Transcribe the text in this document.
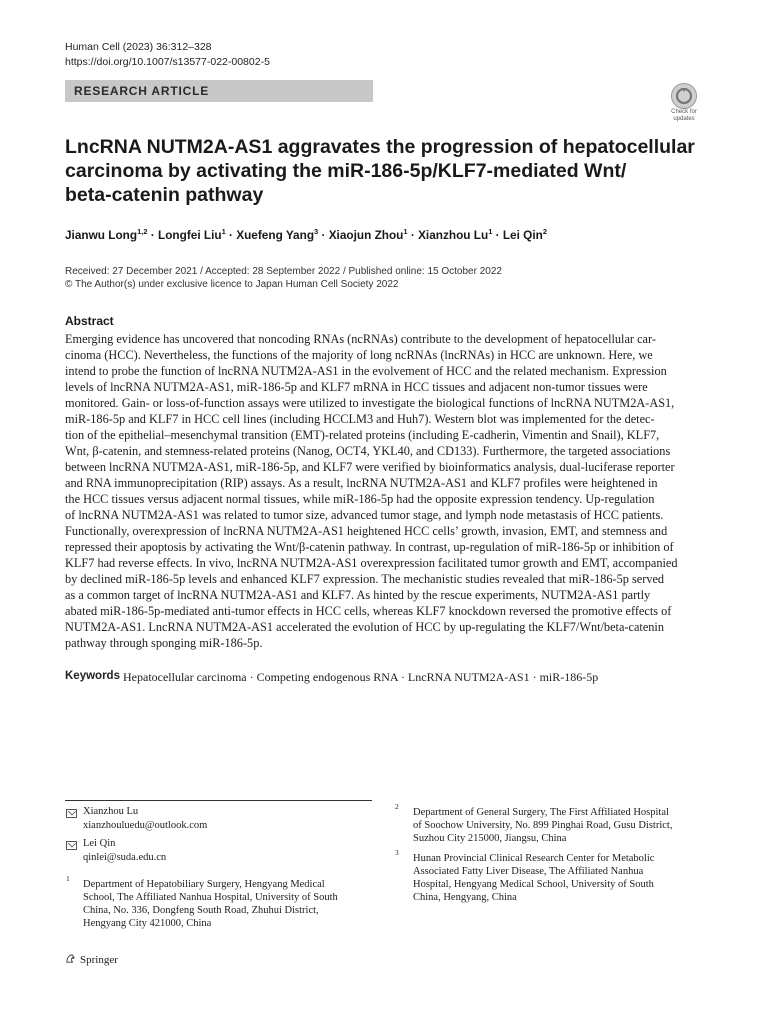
Human Cell (2023) 36:312–328
https://doi.org/10.1007/s13577-022-00802-5
RESEARCH ARTICLE
Check for updates
LncRNA NUTM2A-AS1 aggravates the progression of hepatocellular
carcinoma by activating the miR-186-5p/KLF7-mediated Wnt/
beta-catenin pathway
Jianwu Long$^{1,2}$ · Longfei Liu$^1$ · Xuefeng Yang$^3$ · Xiaojun Zhou$^1$ · Xianzhou $Lu^1$ · Lei Qin$^2$
Received: 27 December 2021 / Accepted: 28 September 2022 / Published online: 15 October 2022
© The Author(s) under exclusive licence to Japan Human Cell Society 2022
Abstract
Emerging evidence has uncovered that noncoding RNAs (ncRNAs) contribute to the development of hepatocellular car-
cinoma (HCC). Nevertheless, the functions of the majority of long ncRNAs (lncRNAs) in HCC are unknown. Here, we
intend to probe the function of lncRNA NUTM2A-AS1 in the evolvement of HCC and the related mechanism. Expression
levels of lncRNA NUTM2A-AS1, miR-186-5p and KLF7 mRNA in HCC tissues and adjacent non-tumor tissues were
monitored. Gain- or loss-of-function assays were utilized to investigate the biological functions of lncRNA NUTM2A-AS1,
miR-186-5p and KLF7 in HCC cell lines (including HCCLM3 and Huh7). Western blot was implemented for the detec-
tion of the epithelial–mesenchymal transition (EMT)-related proteins (including E-cadherin, Vimentin and Snail), KLF7,
Wnt, β-catenin, and stemness-related proteins (Nanog, OCT4, YKL40, and CD133). Furthermore, the targeted associations
between lncRNA NUTM2A-AS1, miR-186-5p, and KLF7 were verified by bioinformatics analysis, dual-luciferase reporter
and RNA immunoprecipitation (RIP) assays. As a result, lncRNA NUTM2A-AS1 and KLF7 profiles were heightened in
the HCC tissues versus adjacent normal tissues, while miR-186-5p had the opposite expression tendency. Up-regulation
of lncRNA NUTM2A-AS1 was related to tumor size, advanced tumor stage, and lymph node metastasis of HCC patients.
Functionally, overexpression of lncRNA NUTM2A-AS1 heightened HCC cells’ growth, invasion, EMT, and stemness and
repressed their apoptosis by activating the Wnt/β-catenin pathway. In contrast, up-regulation of miR-186-5p or inhibition of
KLF7 had reverse effects. In vivo, lncRNA NUTM2A-AS1 overexpression facilitated tumor growth and EMT, accompanied
by declined miR-186-5p levels and enhanced KLF7 expression. The mechanistic studies revealed that miR-186-5p served
as a common target of lncRNA NUTM2A-AS1 and KLF7. As hinted by the rescue experiments, NUTM2A-AS1 partly
abated miR-186-5p-mediated anti-tumor effects in HCC cells, whereas KLF7 knockdown reversed the promotive effects of
NUTM2A-AS1. LncRNA NUTM2A-AS1 accelerated the evolution of HCC by up-regulating the KLF7/Wnt/beta-catenin
pathway through sponging miR-186-5p.
Keywords Hepatocellular carcinoma · Competing endogenous RNA · LncRNA NUTM2A-AS1 · miR-186-5p
Xianzhou Lu
xianzhouluedu@outlook.com
Lei Qin
qinlei@suda.edu.cn
1
Department of Hepatobiliary Surgery, Hengyang Medical
School, The Affiliated Nanhua Hospital, University of South
China, No. 336, Dongfeng South Road, Zhuhui District,
Hengyang City 421000, China
2
Department of General Surgery, The First Affiliated Hospital
of Soochow University, No. 899 Pinghai Road, Gusu District,
Suzhou City 215000, Jiangsu, China
3
Hunan Provincial Clinical Research Center for Metabolic
Associated Fatty Liver Disease, The Affiliated Nanhua
Hospital, Hengyang Medical School, University of South
China, Hengyang, China
Springer
